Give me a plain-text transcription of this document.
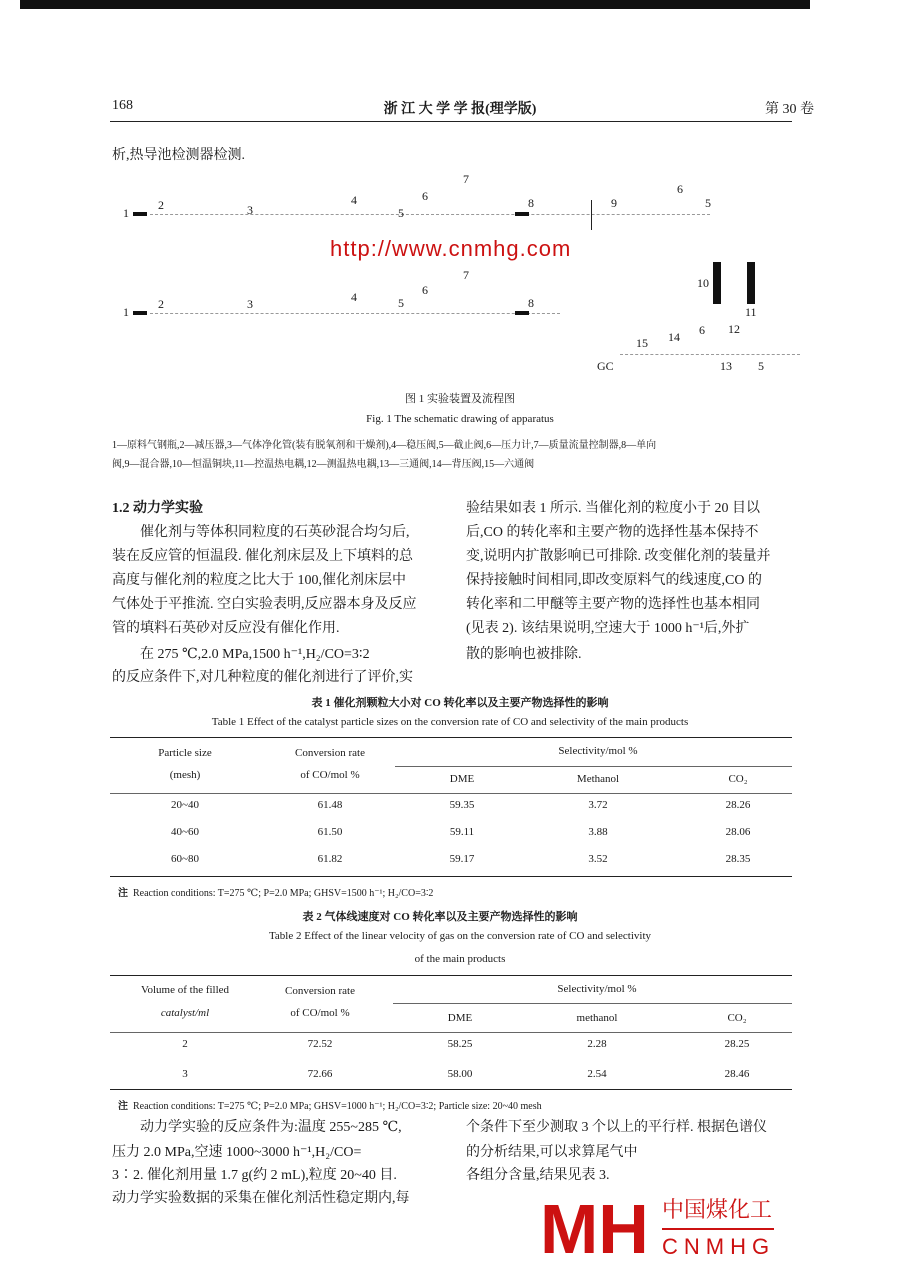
168	浙 江 大 学 学 报(理学版)	第 30 卷
析,热导池检测器检测.
1
2	3
4
5
6
7
8	9
6
5
1
2	3	4	5
6
7
8
10
11
12
14 6
15
GC	13 5
http://www.cnmhg.com
图 1 实验装置及流程图
Fig. 1 The schematic drawing of apparatus
1—原料气钢瓶,2—减压器,3—气体净化管(装有脱氧剂和干燥剂),4—稳压阀,5—截止阀,6—压力计,7—质量流量控制器,8—单向
阀,9—混合器,10—恒温铜块,11—控温热电耦,12—测温热电耦,13—三通阀,14—背压阀,15—六通阀
1.2 动力学实验
催化剂与等体积同粒度的石英砂混合均匀后,
装在反应管的恒温段. 催化剂床层及上下填料的总
高度与催化剂的粒度之比大于 100,催化剂床层中
气体处于平推流. 空白实验表明,反应器本身及反应
管的填料石英砂对反应没有催化作用.
在 275 ℃,2.0 MPa,1500 h⁻¹,H₂/CO=3∶2
的反应条件下,对几种粒度的催化剂进行了评价,实
验结果如表 1 所示. 当催化剂的粒度小于 20 目以
后,CO 的转化率和主要产物的选择性基本保持不
变,说明内扩散影响已可排除. 改变催化剂的装量并
保持接触时间相同,即改变原料气的线速度,CO 的
转化率和二甲醚等主要产物的选择性也基本相同
(见表 2). 该结果说明,空速大于 1000 h⁻¹后,外扩
散的影响也被排除.
表 1 催化剂颗粒大小对 CO 转化率以及主要产物选择性的影响
Table 1 Effect of the catalyst particle sizes on the conversion rate of CO and selectivity of the main products
Particle size
(mesh)
Conversion rate
of CO/mol %
Selectivity/mol %
DME	Methanol	CO₂
20~40	61.48	59.35	3.72	28.26
40~60	61.50	59.11	3.88	28.06
60~80	61.82	59.17	3.52	28.35
注 Reaction conditions: T=275 ℃; P=2.0 MPa; GHSV=1500 h⁻¹; H₂/CO=3∶2
表 2 气体线速度对 CO 转化率以及主要产物选择性的影响
Table 2 Effect of the linear velocity of gas on the conversion rate of CO and selectivity
of the main products
Volume of the filled
catalyst/ml
Conversion rate
of CO/mol %
Selectivity/mol %
DME	methanol	CO₂
2	72.52	58.25	2.28	28.25
3	72.66	58.00	2.54	28.46
注 Reaction conditions: T=275 ℃; P=2.0 MPa; GHSV=1000 h⁻¹; H₂/CO=3∶2; Particle size: 20~40 mesh
动力学实验的反应条件为:温度 255~285 ℃,
压力 2.0 MPa,空速 1000~3000 h⁻¹,H₂/CO=
3∶2. 催化剂用量 1.7 g(约 2 mL),粒度 20~40 目.
动力学实验数据的采集在催化剂活性稳定期内,每
个条件下至少测取 3 个以上的平行样. 根据色谱仪
的分析结果,可以求算尾气中
各组分含量,结果见表 3.
MH 中国煤化工
CNMHG
